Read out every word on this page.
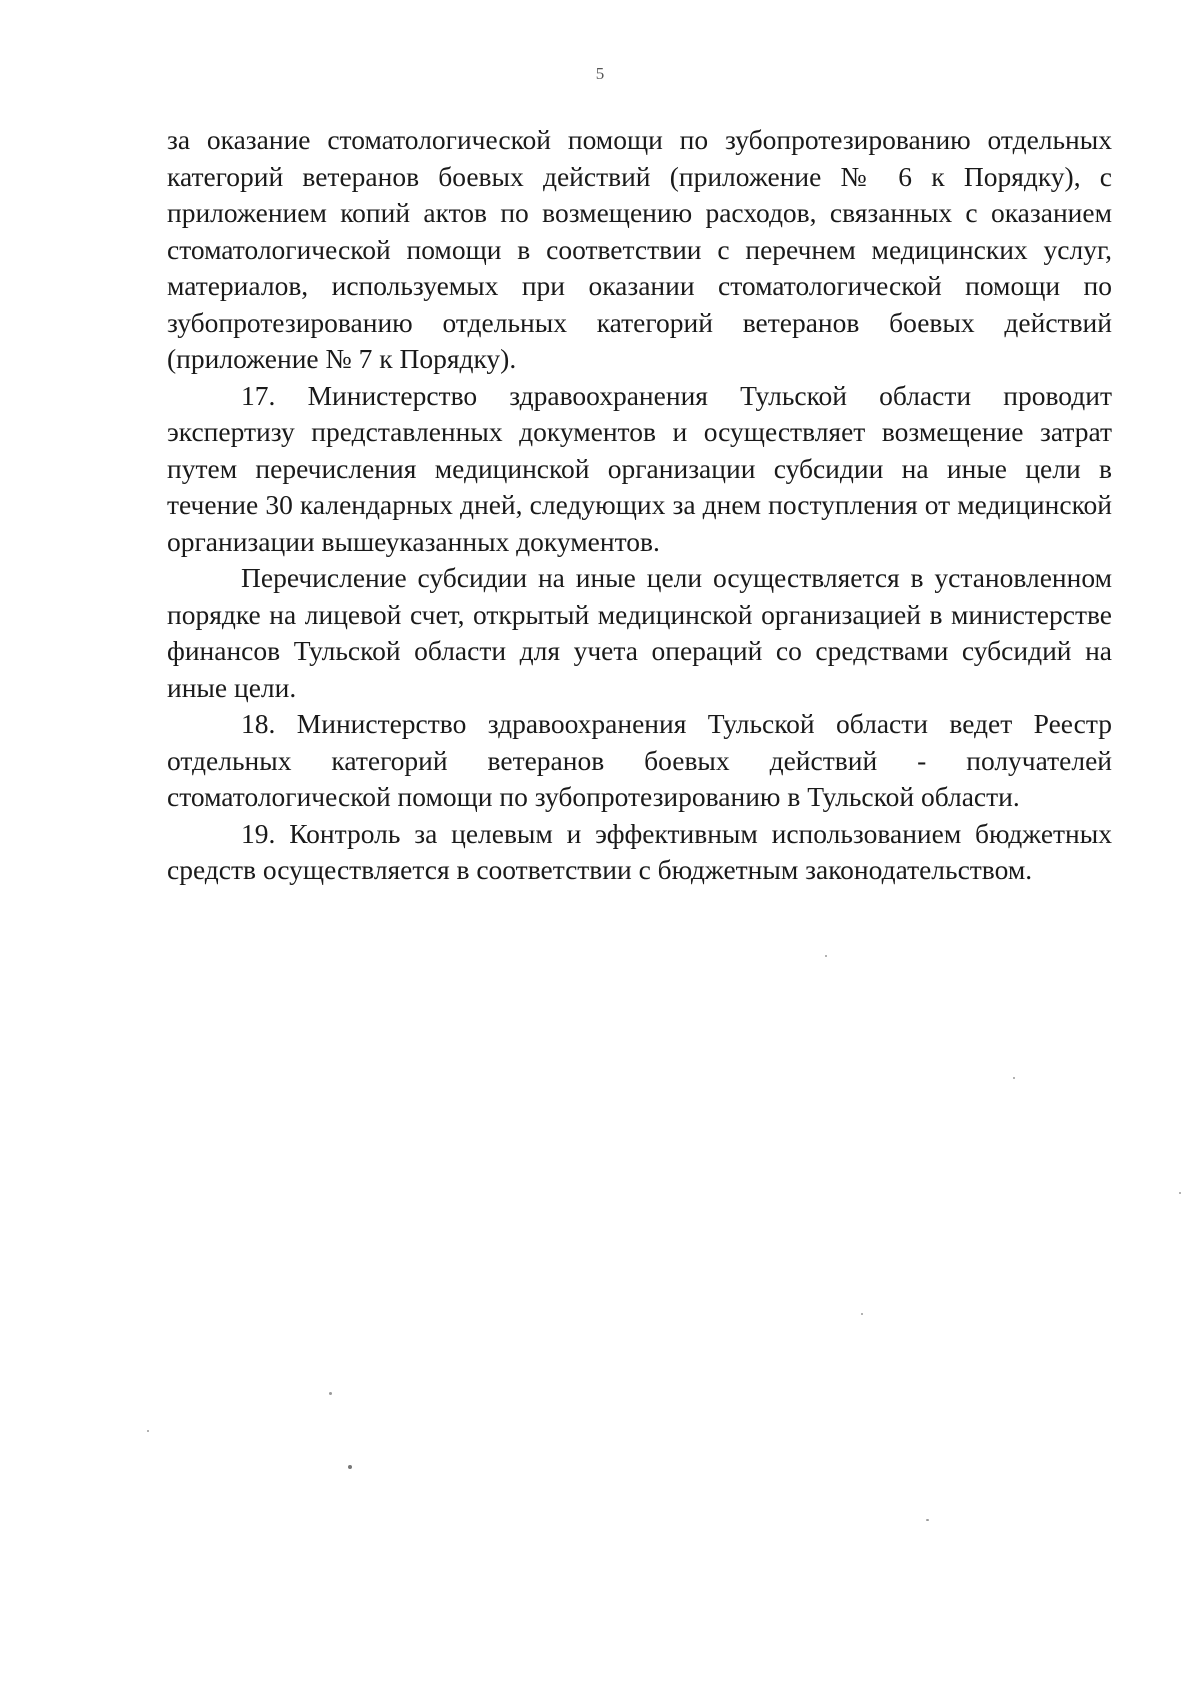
5

за оказание стоматологической помощи по зубопротезированию отдельных категорий ветеранов боевых действий (приложение № 6 к Порядку), с приложением копий актов по возмещению расходов, связанных с оказанием стоматологической помощи в соответствии с перечнем медицинских услуг, материалов, используемых при оказании стоматологической помощи по зубопротезированию отдельных категорий ветеранов боевых действий (приложение № 7 к Порядку).

17. Министерство здравоохранения Тульской области проводит экспертизу представленных документов и осуществляет возмещение затрат путем перечисления медицинской организации субсидии на иные цели в течение 30 календарных дней, следующих за днем поступления от медицинской организации вышеуказанных документов.

Перечисление субсидии на иные цели осуществляется в установленном порядке на лицевой счет, открытый медицинской организацией в министерстве финансов Тульской области для учета операций со средствами субсидий на иные цели.

18. Министерство здравоохранения Тульской области ведет Реестр отдельных категорий ветеранов боевых действий - получателей стоматологической помощи по зубопротезированию в Тульской области.

19. Контроль за целевым и эффективным использованием бюджетных средств осуществляется в соответствии с бюджетным законодательством.
